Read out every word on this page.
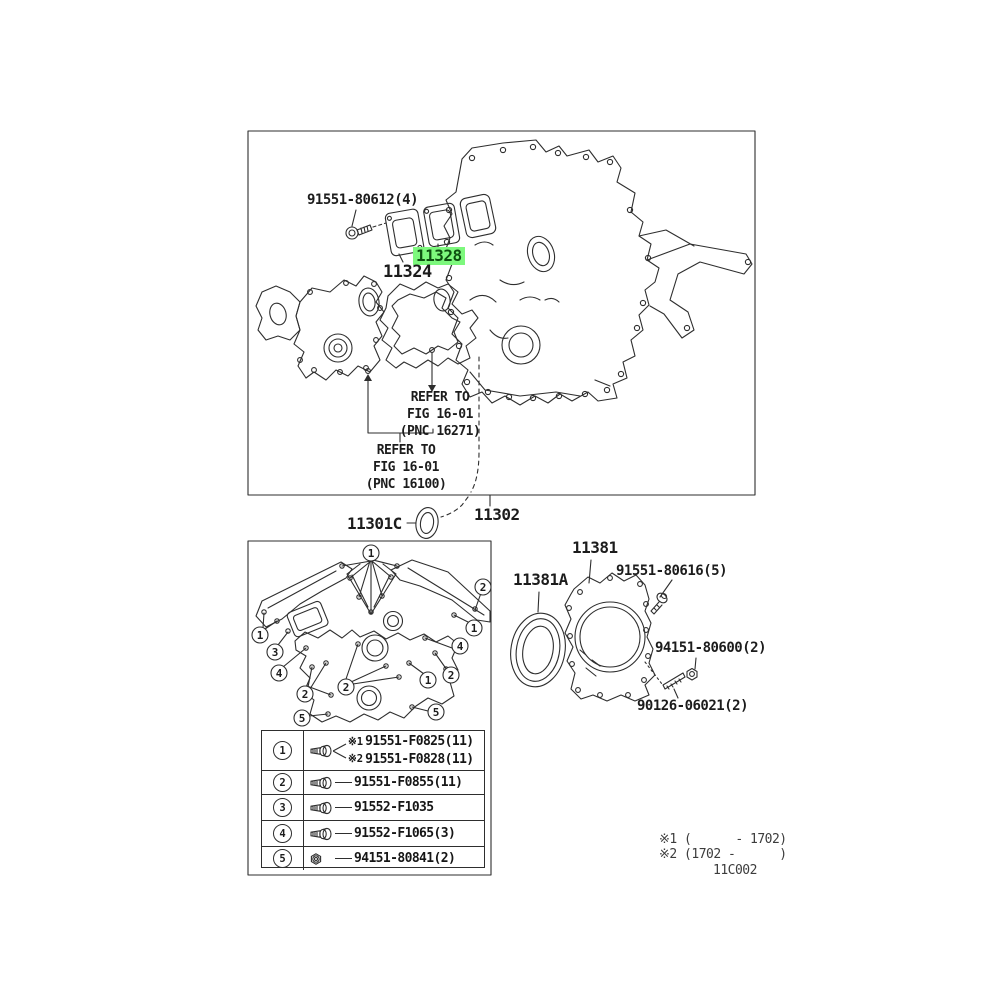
1
2
1
1
3
4
4
2
1
2
2
5	5
91551-80612(4)
11328
11324
REFER TO
FIG 16-01
(PNC 16271)
REFER TO
FIG 16-01
(PNC 16100)
11301C	11302
11381
11381A	91551-80616(5)
94151-80600(2)
90126-06021(2)
1
※1 91551-F0825(11)
※2 91551-F0828(11)
2	91551-F0855(11)
3	91552-F1035
4	91552-F1065(3)
5	94151-80841(2)
※1 (      - 1702)
※2 (1702 -      )
11C002
